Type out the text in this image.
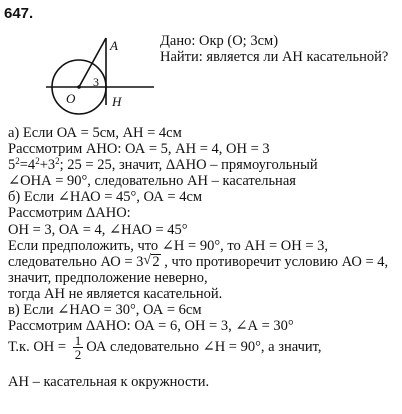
647.
A
O	H
3
Дано: Окр (О; 3см)
Найти: является ли АН касательной?
а) Если ОА = 5см, АН = 4см
Рассмотрим АНО: ОА = 5, АН = 4, ОН = 3
$5^2=4^2+3^2$; 25 = 25, значит, ΔАНО – прямоугольный
∠ОНА = 90°, следовательно АН – касательная
б) Если ∠НАО = 45°, ОА = 4см
Рассмотрим ΔАНО:
ОН = 3, ОА = 4, ∠НАО = 45°
Если предположить, что ∠Н = 90°, то АН = ОН = 3,
следовательно АО = 3 √ 2 , что противоречит условию АО = 4,
значит, предположение неверно,
тогда АН не является касательной.
в) Если ∠НАО = 30°, ОА = 6см
Рассмотрим ΔАНО: ОА = 6, ОН = 3, ∠А = 30°
Т.к. ОН = $\frac{1}{2}$ ОА следовательно ∠Н = 90°, а значит,
АН – касательная к окружности.
